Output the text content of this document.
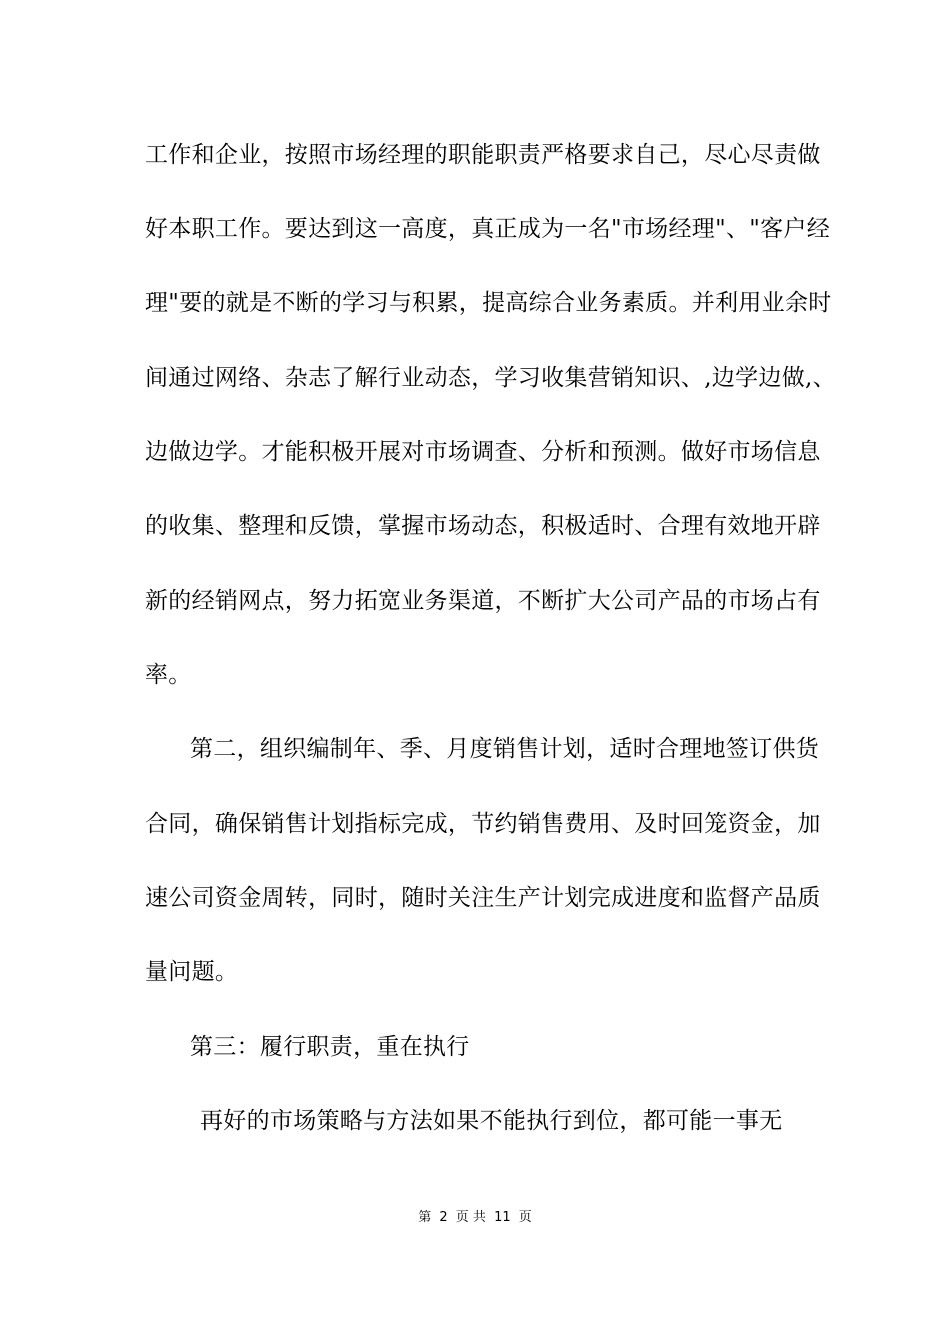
工作和企业，按照市场经理的职能职责严格要求自己，尽心尽责做
好本职工作。要达到这一高度，真正成为一名"市场经理"、"客户经
理"要的就是不断的学习与积累，提高综合业务素质。并利用业余时
间通过网络、杂志了解行业动态，学习收集营销知识、,边学边做,、
边做边学。才能积极开展对市场调查、分析和预测。做好市场信息
的收集、整理和反馈，掌握市场动态，积极适时、合理有效地开辟
新的经销网点，努力拓宽业务渠道，不断扩大公司产品的市场占有
率。
第二，组织编制年、季、月度销售计划，适时合理地签订供货
合同，确保销售计划指标完成，节约销售费用、及时回笼资金，加
速公司资金周转，同时，随时关注生产计划完成进度和监督产品质
量问题。
第三：履行职责，重在执行
再好的市场策略与方法如果不能执行到位，都可能一事无
第 2 页 共 11 页
